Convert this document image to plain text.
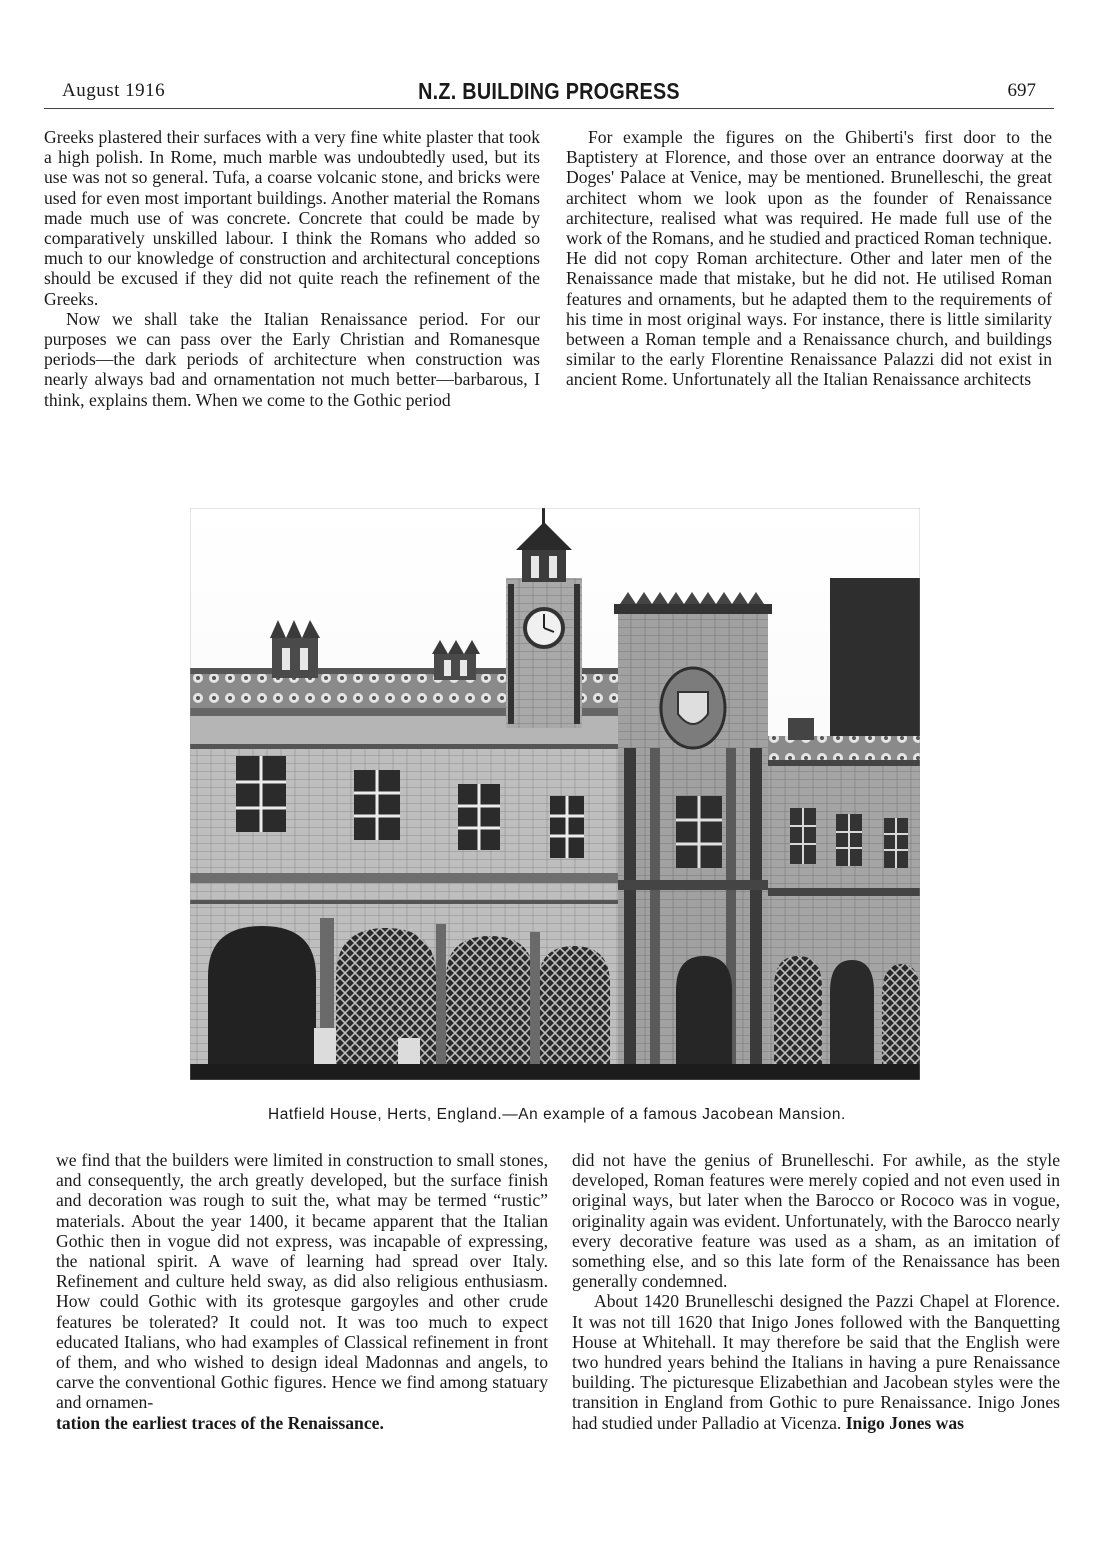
August 1916	N.Z. BUILDING PROGRESS	697

Greeks plastered their surfaces with a very fine white plaster that took a high polish. In Rome, much marble was undoubtedly used, but its use was not so general. Tufa, a coarse volcanic stone, and bricks were used for even most important buildings. Another material the Romans made much use of was concrete. Concrete that could be made by comparatively unskilled labour. I think the Romans who added so much to our knowledge of construction and architectural conceptions should be excused if they did not quite reach the refinement of the Greeks.

Now we shall take the Italian Renaissance period. For our purposes we can pass over the Early Christian and Romanesque periods—the dark periods of architecture when construction was nearly always bad and ornamentation not much better—barbarous, I think, explains them. When we come to the Gothic period

For example the figures on the Ghiberti's first door to the Baptistery at Florence, and those over an entrance doorway at the Doges' Palace at Venice, may be mentioned. Brunelleschi, the great architect whom we look upon as the founder of Renaissance architecture, realised what was required. He made full use of the work of the Romans, and he studied and practiced Roman technique. He did not copy Roman architecture. Other and later men of the Renaissance made that mistake, but he did not. He utilised Roman features and ornaments, but he adapted them to the requirements of his time in most original ways. For instance, there is little similarity between a Roman temple and a Renaissance church, and buildings similar to the early Florentine Renaissance Palazzi did not exist in ancient Rome. Unfortunately all the Italian Renaissance architects

Hatfield House, Herts, England.—An example of a famous Jacobean Mansion.

we find that the builders were limited in construction to small stones, and consequently, the arch greatly developed, but the surface finish and decoration was rough to suit the, what may be termed “rustic” materials. About the year 1400, it became apparent that the Italian Gothic then in vogue did not express, was incapable of expressing, the national spirit. A wave of learning had spread over Italy. Refinement and culture held sway, as did also religious enthusiasm. How could Gothic with its grotesque gargoyles and other crude features be tolerated? It could not. It was too much to expect educated Italians, who had examples of Classical refinement in front of them, and who wished to design ideal Madonnas and angels, to carve the conventional Gothic figures. Hence we find among statuary and ornamen-

tation the earliest traces of the Renaissance.

did not have the genius of Brunelleschi. For awhile, as the style developed, Roman features were merely copied and not even used in original ways, but later when the Barocco or Rococo was in vogue, originality again was evident. Unfortunately, with the Barocco nearly every decorative feature was used as a sham, as an imitation of something else, and so this late form of the Renaissance has been generally condemned.

About 1420 Brunelleschi designed the Pazzi Chapel at Florence. It was not till 1620 that Inigo Jones followed with the Banquetting House at Whitehall. It may therefore be said that the English were two hundred years behind the Italians in having a pure Renaissance building. The picturesque Elizabethian and Jacobean styles were the transition in England from Gothic to pure Renaissance. Inigo Jones had studied under Palladio at Vicenza. Inigo Jones was
